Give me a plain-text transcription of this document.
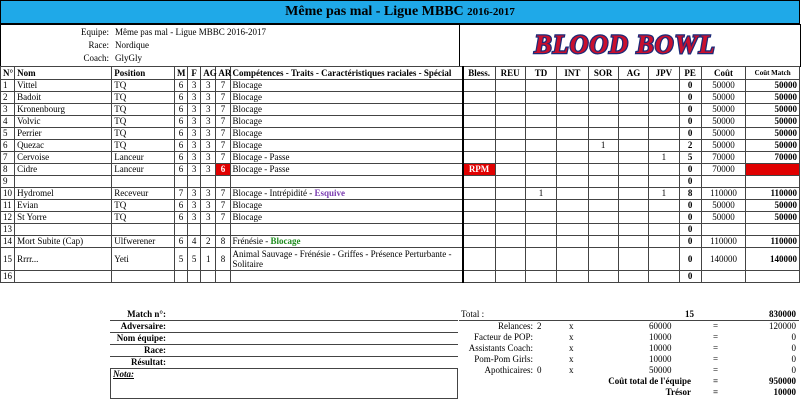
Même pas mal - Ligue MBBC 2016-2017
Equipe: Même pas mal - Ligue MBBC 2016-2017
Race: Nordique
Coach: GlyGly	BLOOD BOWL
N°	Nom	Position	M	F	AG	AR	Compétences - Traits - Caractéristiques raciales - Spécial	Bless.	REU	TD	INT	SOR	AG	JPV	PE	Coût	Coût Match
1	Vittel	TQ	6	3	3	7	Blocage								0	50000	50000
2	Badoit	TQ	6	3	3	7	Blocage								0	50000	50000
3	Kronenbourg	TQ	6	3	3	7	Blocage								0	50000	50000
4	Volvic	TQ	6	3	3	7	Blocage								0	50000	50000
5	Perrier	TQ	6	3	3	7	Blocage								0	50000	50000
6	Quezac	TQ	6	3	3	7	Blocage					1			2	50000	50000
7	Cervoise	Lanceur	6	3	3	7	Blocage - Passe							1	5	70000	70000
8	Cidre	Lanceur	6	3	3	6	Blocage - Passe	RPM							0	70000	
9															0		
10	Hydromel	Receveur	7	3	3	7	Blocage - Intrépidité - Esquive			1				1	8	110000	110000
11	Evian	TQ	6	3	3	7	Blocage								0	50000	50000
12	St Yorre	TQ	6	3	3	7	Blocage								0	50000	50000
13															0		
14	Mort Subite (Cap)	Ulfwerener	6	4	2	8	Frénésie - Blocage								0	110000	110000
15	Rrrr...	Yeti	5	5	1	8	Animal Sauvage - Frénésie - Griffes - Présence Perturbante - Solitaire								0	140000	140000
16															0		
Match n°:
Adversaire:
Nom équipe:
Race:
Résultat:
Nota:
Total :	15	830000
Relances: 2	x	60000	=	120000
Facteur de POP:	x	10000	=	0
Assistants Coach:	x	10000	=	0
Pom-Pom Girls:	x	10000	=	0
Apothicaires: 0	x	50000	=	0
Coût total de l'équipe =	950000
Trésor =	10000
